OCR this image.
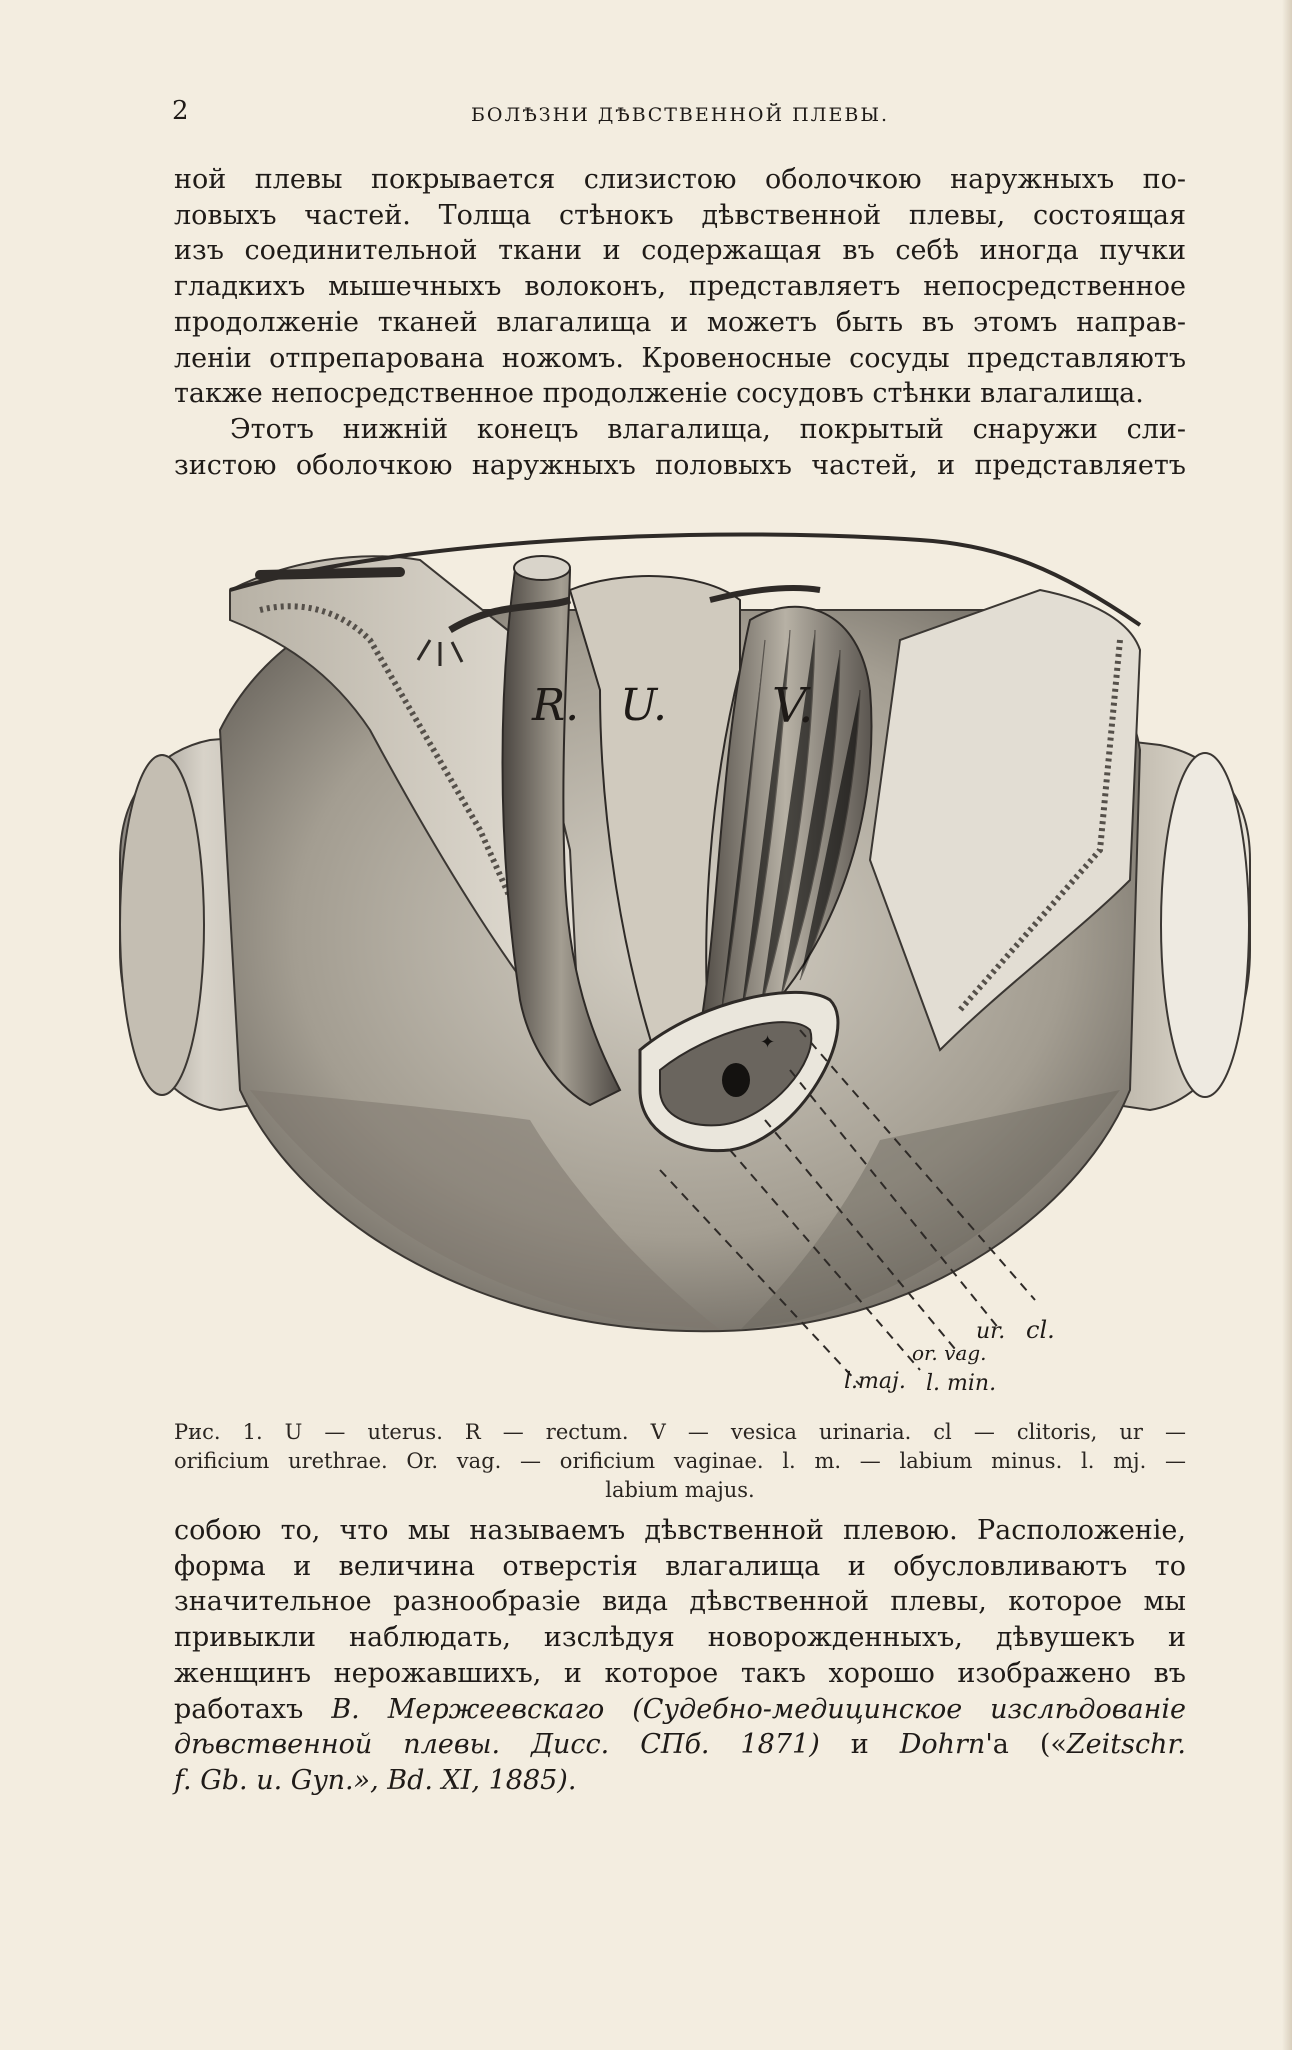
2	БОЛѢЗНИ ДѢВСТВЕННОЙ ПЛЕВЫ.

ной плевы покрывается слизистою оболочкою наружныхъ по-

ловыхъ частей. Толща стѣнокъ дѣвственной плевы, состоящая

изъ соединительной ткани и содержащая въ себѣ иногда пучки

гладкихъ мышечныхъ волоконъ, представляетъ непосредственное

продолженіе тканей влагалища и можетъ быть въ этомъ направ-

леніи отпрепарована ножомъ. Кровеносные сосуды представляютъ

также непосредственное продолженіе сосудовъ стѣнки влагалища.

Этотъ нижній конецъ влагалища, покрытый снаружи сли-

зистою оболочкою наружныхъ половыхъ частей, и представляетъ

✦
R. U. V.
ur. cl.
or. vag.
l.maj. l. min.

Рис. 1. U — uterus. R — rectum. V — vesica urinaria. cl — clitoris, ur —

orificium urethrae. Or. vag. — orificium vaginae. l. m. — labium minus. l. mj. —

labium majus.

собою то, что мы называемъ дѣвственной плевою. Расположеніе,

форма и величина отверстія влагалища и обусловливаютъ то

значительное разнообразіе вида дѣвственной плевы, которое мы

привыкли наблюдать, изслѣдуя новорожденныхъ, дѣвушекъ и

женщинъ нерожавшихъ, и которое такъ хорошо изображено въ

работахъ В. Мержеевскаго (Судебно-медицинское изслѣдованіе

дѣвственной плевы. Дисс. СПб. 1871) и Dohrn'а («Zeitschr.

f. Gb. u. Gyn.», Bd. XI, 1885).
